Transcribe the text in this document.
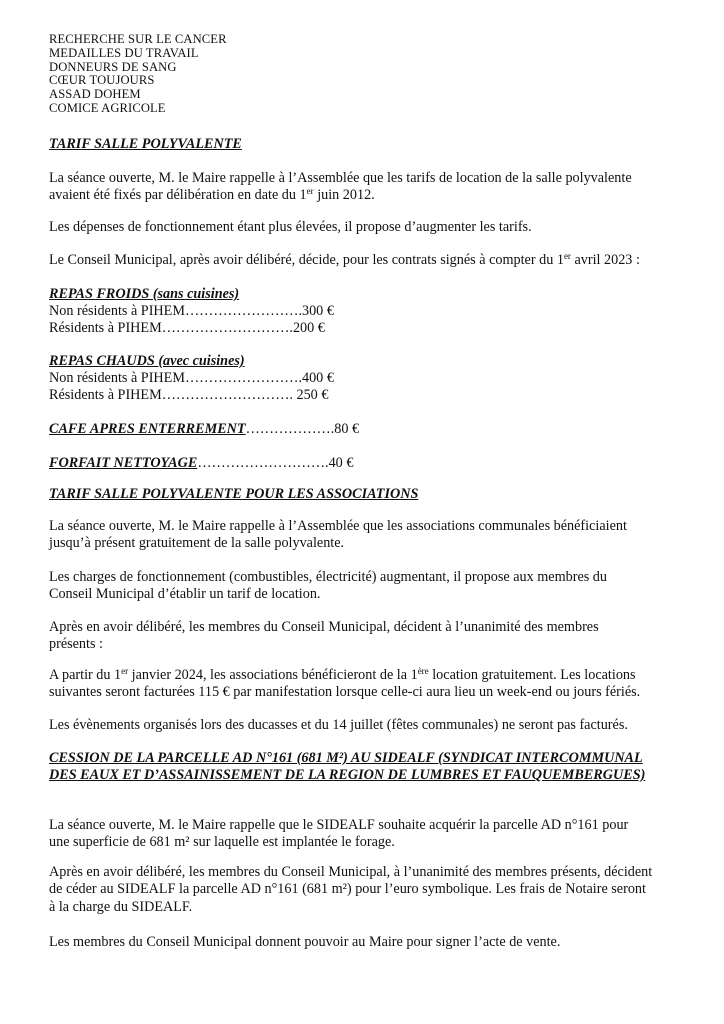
RECHERCHE SUR LE CANCER
MEDAILLES DU TRAVAIL
DONNEURS DE SANG
CŒUR TOUJOURS
ASSAD DOHEM
COMICE AGRICOLE
TARIF SALLE POLYVALENTE
La séance ouverte, M. le Maire rappelle à l’Assemblée que les tarifs de location de la salle polyvalente
avaient été fixés par délibération en date du 1er juin 2012.
Les dépenses de fonctionnement étant plus élevées, il propose d’augmenter les tarifs.
Le Conseil Municipal, après avoir délibéré, décide, pour les contrats signés à compter du 1er avril 2023 :
REPAS FROIDS (sans cuisines)
Non résidents à PIHEM…………………….300 €
Résidents à PIHEM……………………….200 €
REPAS CHAUDS (avec cuisines)
Non résidents à PIHEM…………………….400 €
Résidents à PIHEM………………………. 250 €
CAFE APRES ENTERREMENT……………….80 €
FORFAIT NETTOYAGE……………………….40 €
TARIF SALLE POLYVALENTE POUR LES ASSOCIATIONS
La séance ouverte, M. le Maire rappelle à l’Assemblée que les associations communales bénéficiaient
jusqu’à présent gratuitement de la salle polyvalente.
Les charges de fonctionnement (combustibles, électricité) augmentant, il propose aux membres du
Conseil Municipal d’établir un tarif de location.
Après en avoir délibéré, les membres du Conseil Municipal, décident à l’unanimité des membres
présents :
A partir du 1er janvier 2024, les associations bénéficieront de la 1ère location gratuitement. Les locations
suivantes seront facturées 115 € par manifestation lorsque celle-ci aura lieu un week-end ou jours fériés.
Les évènements organisés lors des ducasses et du 14 juillet (fêtes communales) ne seront pas facturés.
CESSION DE LA PARCELLE AD N°161 (681 M²) AU SIDEALF (SYNDICAT INTERCOMMUNAL
DES EAUX ET D’ASSAINISSEMENT DE LA REGION DE LUMBRES ET FAUQUEMBERGUES)
La séance ouverte, M. le Maire rappelle que le SIDEALF souhaite acquérir la parcelle AD n°161 pour
une superficie de 681 m² sur laquelle est implantée le forage.
Après en avoir délibéré, les membres du Conseil Municipal, à l’unanimité des membres présents, décident
de céder au SIDEALF la parcelle AD n°161 (681 m²) pour l’euro symbolique. Les frais de Notaire seront
à la charge du SIDEALF.
Les membres du Conseil Municipal donnent pouvoir au Maire pour signer l’acte de vente.
